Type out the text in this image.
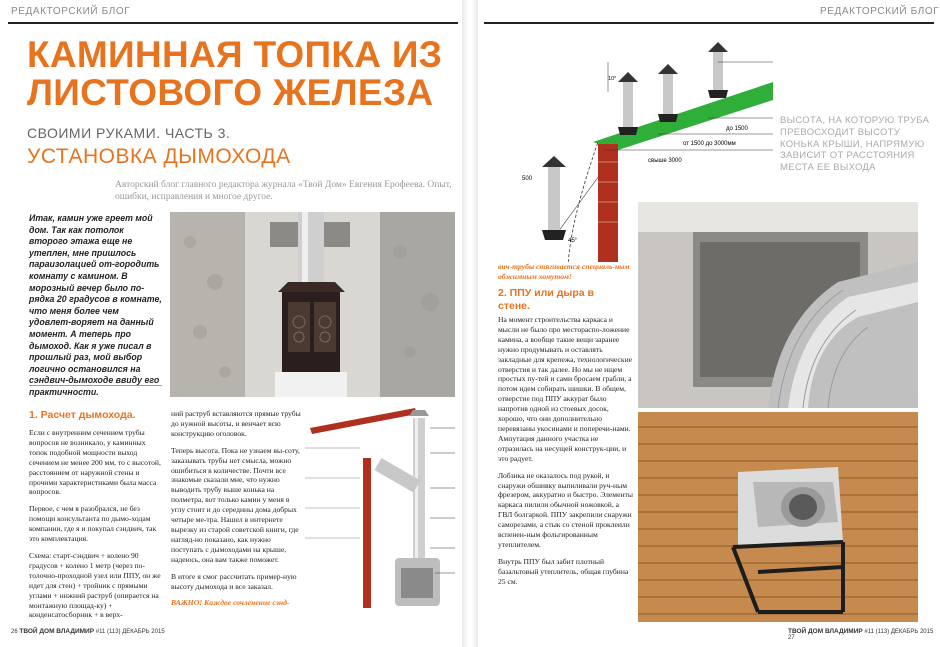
РЕДАКТОРСКИЙ БЛОГ
КАМИННАЯ ТОПКА ИЗ ЛИСТОВОГО ЖЕЛЕЗА
СВОИМИ РУКАМИ. ЧАСТЬ 3.
УСТАНОВКА ДЫМОХОДА
Авторский блог главного редактора журнала «Твой Дом» Евгения Ерофеева. Опыт, ошибки, исправления и многое другое.
Итак, камин уже греет мой дом. Так как потолок второго этажа еще не утеплен, мне пришлось параизолацией от-городить комнату с камином. В морозный вечер было по-рядка 20 градусов в комнате, что меня более чем удовлет-воряет на данный момент. А теперь про дымоход. Как я уже писал в прошлый раз, мой выбор логично остановился на сэндвич-дымоходе ввиду его практичности.
1. Расчет дымохода.

Если с внутренним сечением трубы вопросов не возникало, у каминных топок подобной мощности выход сечением не менее 200 мм, то с высотой, расстоянием от наружной стены и прочими характеристиками была масса вопросов.

Первое, с чем я разобрался, не без помощи консультанта по дымо-ходам компании, где я и покупал сэндвич, так это комплектация.

Схема: старт-сэндвич + колено 90 градусов + колено 1 метр (через по-толочно-проходной узел или ППУ, он же идет для стен) + тройник с прямыми углами + нижний раструб (опирается на монтажную площад-ку) + конденсатосборник + в верх-

ний раструб вставляются прямые трубы до нужной высоты, и венчает всю конструкцию оголовок.

Теперь высота. Пока не узнаем вы-соту, заказывать трубы нет смысла, можно ошибиться в количестве. Почти все знакомые сказали мне, что нужно выводить трубу выше конька на полметра, вот только камин у меня в углу стоит и до середины дома добрых четыре ме-тра. Нашел в интернете вырезку из старой советской книги, где нагляд-но показано, как нужно поступать с дымоходами на крыше, надеюсь, она вам также поможет.

В итоге я смог рассчитать пример-ную высоту дымохода и все заказал.

ВАЖНО! Каждое сочленение сэнд-

26 ТВОЙ ДОМ ВЛАДИМИР #11 (113) ДЕКАБРЬ 2015
РЕДАКТОРСКИЙ БЛОГ
500
до 1500
от 1500 до 3000мм
свыше 3000
10°
45°
ВЫСОТА, НА КОТОРУЮ ТРУБА ПРЕВОСХОДИТ ВЫСОТУ КОНЬКА КРЫШИ, НАПРЯМУЮ ЗАВИСИТ ОТ РАССТОЯНИЯ МЕСТА ЕЕ ВЫХОДА

вич-трубы стягивается специаль-ным обжимным хомутом!

2. ППУ или дыра в стене.

На момент строительства каркаса и мысли не было про местораспо-ложение камина, а вообще такие вещи заранее нужно продумывать и оставлять закладные для крепежа, технологические отверстия и так далее. Но мы не ищем простых пу-тей и сами бросаем грабли, а потом идем собирать шишки. В общем, отверстие под ППУ аккурат было напротив одной из стоевых досок, хорошо, что они дополнительно перевязаны укосинами и поперечи-нами. Ампутация данного участка не отразилась на несущей конструк-ции, и это радует.

Лобзика не оказалось под рукой, и снаружи обшивку выпиливали руч-ным фрезером, аккуратно и быстро. Элементы каркаса пилили обычной ножовкой, а ГВЛ болгаркой. ППУ закрепили снаружи саморезами, а стык со стеной проклеили вспенен-ным фольгированным утеплителем.

Внутрь ППУ был забит плотный базальтовый утеплитель, общая глубина 25 см.

ТВОЙ ДОМ ВЛАДИМИР #11 (113) ДЕКАБРЬ 2015 27
